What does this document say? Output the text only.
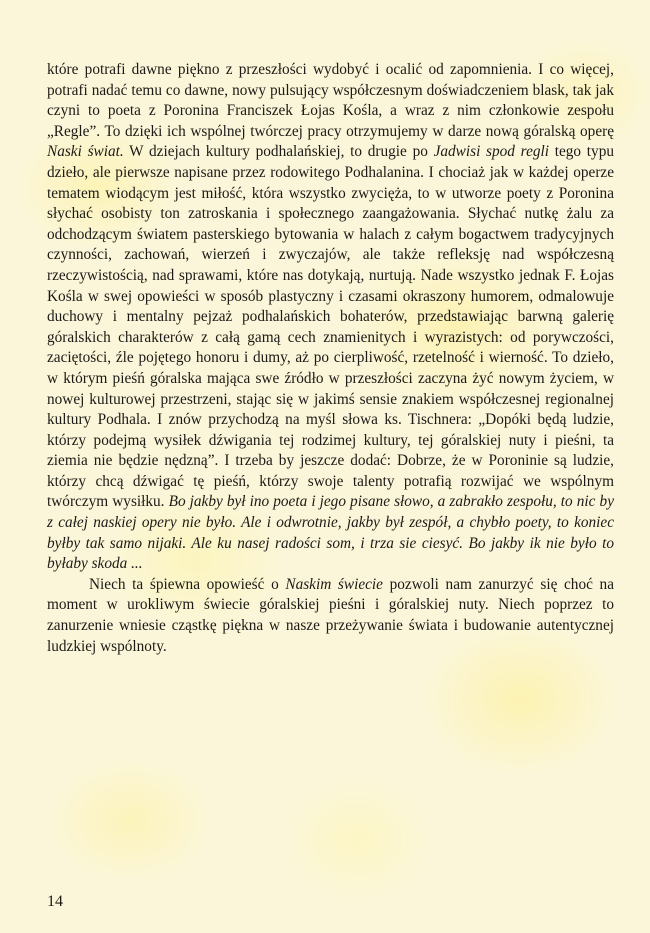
które potrafi dawne piękno z przeszłości wydobyć i ocalić od zapomnienia. I co więcej, potrafi nadać temu co dawne, nowy pulsujący współczesnym doświadczeniem blask, tak jak czyni to poeta z Poronina Franciszek Łojas Kośla, a wraz z nim członkowie zespołu „Regle”. To dzięki ich wspólnej twórczej pracy otrzymujemy w darze nową góralską operę Naski świat. W dziejach kultury podhalańskiej, to drugie po Jadwisi spod regli tego typu dzieło, ale pierwsze napisane przez rodowitego Podhalanina. I chociaż jak w każdej operze tematem wiodącym jest miłość, która wszystko zwycięża, to w utworze poety z Poronina słychać osobisty ton zatroskania i społecznego zaangażowania. Słychać nutkę żalu za odchodzącym światem pasterskiego bytowania w halach z całym bogactwem tradycyjnych czynności, zachowań, wierzeń i zwyczajów, ale także refleksję nad współczesną rzeczywistością, nad sprawami, które nas dotykają, nurtują. Nade wszystko jednak F. Łojas Kośla w swej opowieści w sposób plastyczny i czasami okraszony humorem, odmalowuje duchowy i mentalny pejzaż podhalańskich bohaterów, przedstawiając barwną galerię góralskich charakterów z całą gamą cech znamienitych i wyrazistych: od porywczości, zaciętości, źle pojętego honoru i dumy, aż po cierpliwość, rzetelność i wierność. To dzieło, w którym pieśń góralska mająca swe źródło w przeszłości zaczyna żyć nowym życiem, w nowej kulturowej przestrzeni, stając się w jakimś sensie znakiem współczesnej regionalnej kultury Podhala. I znów przychodzą na myśl słowa ks. Tischnera: „Dopóki będą ludzie, którzy podejmą wysiłek dźwigania tej rodzimej kultury, tej góralskiej nuty i pieśni, ta ziemia nie będzie nędzną”. I trzeba by jeszcze dodać: Dobrze, że w Poroninie są ludzie, którzy chcą dźwigać tę pieśń, którzy swoje talenty potrafią rozwijać we wspólnym twórczym wysiłku. Bo jakby był ino poeta i jego pisane słowo, a zabrakło zespołu, to nic by z całej naskiej opery nie było. Ale i odwrotnie, jakby był zespół, a chybło poety, to koniec byłby tak samo nijaki. Ale ku nasej radości som, i trza sie ciesyć. Bo jakby ik nie było to byłaby skoda ...

Niech ta śpiewna opowieść o Naskim świecie pozwoli nam zanurzyć się choć na moment w urokliwym świecie góralskiej pieśni i góralskiej nuty. Niech poprzez to zanurzenie wniesie cząstkę piękna w nasze przeżywanie świata i budowanie autentycznej ludzkiej wspólnoty.

14
